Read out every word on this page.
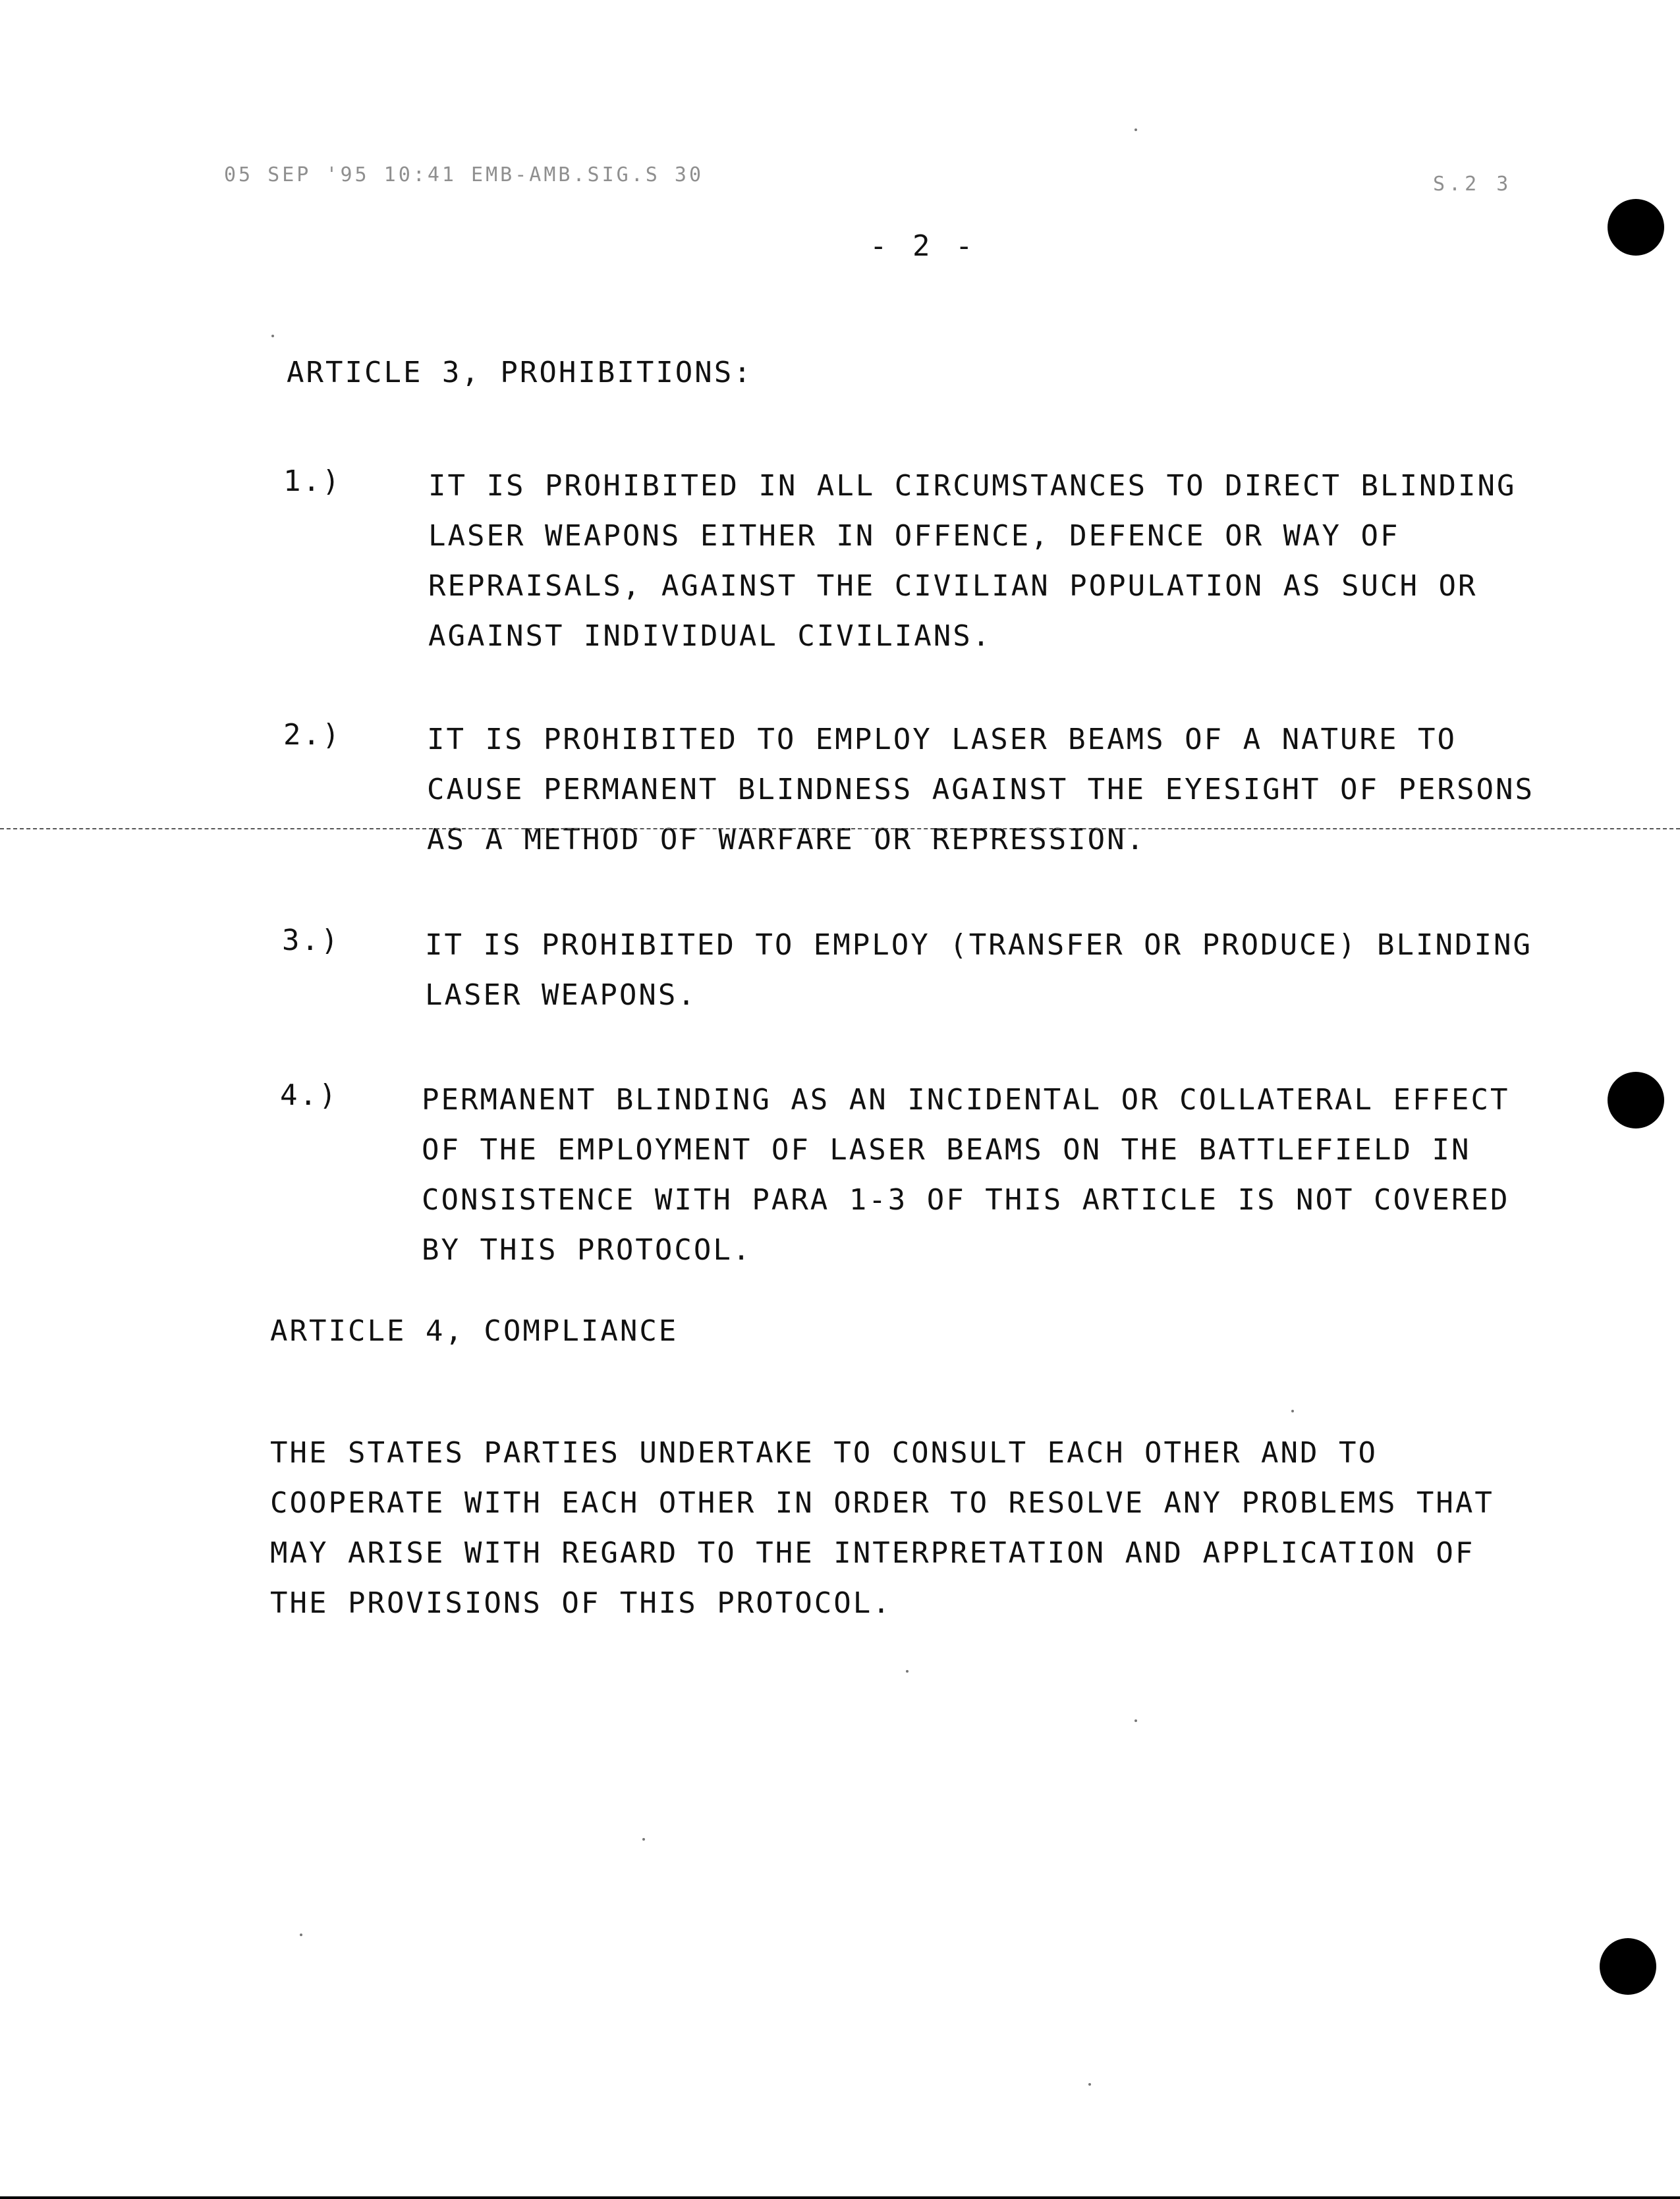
05 SEP '95 10:41 EMB-AMB.SIG.S 30	S.2 3
- 2 -
ARTICLE 3, PROHIBITIONS:
1.)	IT IS PROHIBITED IN ALL CIRCUMSTANCES TO DIRECT BLINDING LASER WEAPONS EITHER IN OFFENCE, DEFENCE OR WAY OF REPRAISALS, AGAINST THE CIVILIAN POPULATION AS SUCH OR AGAINST INDIVIDUAL CIVILIANS.
2.)	IT IS PROHIBITED TO EMPLOY LASER BEAMS OF A NATURE TO CAUSE PERMANENT BLINDNESS AGAINST THE EYESIGHT OF PERSONS AS A METHOD OF WARFARE OR REPRESSION.
3.)	IT IS PROHIBITED TO EMPLOY (TRANSFER OR PRODUCE) BLINDING LASER WEAPONS.
4.)	PERMANENT BLINDING AS AN INCIDENTAL OR COLLATERAL EFFECT OF THE EMPLOYMENT OF LASER BEAMS ON THE BATTLEFIELD IN CONSISTENCE WITH PARA 1-3 OF THIS ARTICLE IS NOT COVERED BY THIS PROTOCOL.
ARTICLE 4, COMPLIANCE
THE STATES PARTIES UNDERTAKE TO CONSULT EACH OTHER AND TO COOPERATE WITH EACH OTHER IN ORDER TO RESOLVE ANY PROBLEMS THAT MAY ARISE WITH REGARD TO THE INTERPRETATION AND APPLICATION OF THE PROVISIONS OF THIS PROTOCOL.
